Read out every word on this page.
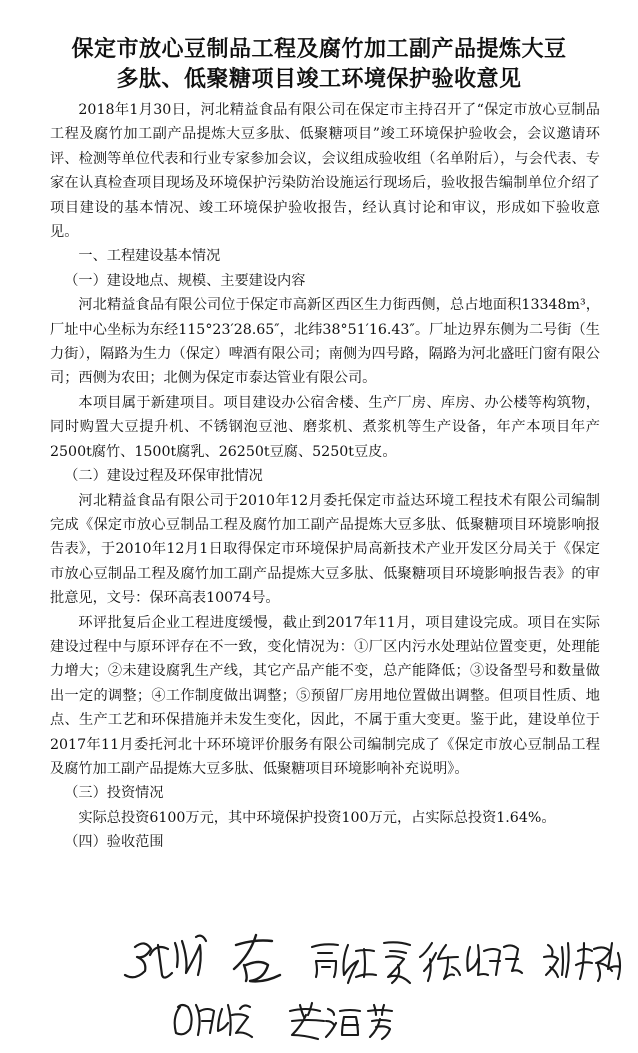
保定市放心豆制品工程及腐竹加工副产品提炼大豆
多肽、低聚糖项目竣工环境保护验收意见

2018年1月30日，河北精益食品有限公司在保定市主持召开了“保定市放心豆制品工程及腐竹加工副产品提炼大豆多肽、低聚糖项目”竣工环境保护验收会，会议邀请环评、检测等单位代表和行业专家参加会议，会议组成验收组（名单附后），与会代表、专家在认真检查项目现场及环境保护污染防治设施运行现场后，验收报告编制单位介绍了项目建设的基本情况、竣工环境保护验收报告，经认真讨论和审议，形成如下验收意见。

一、工程建设基本情况

（一）建设地点、规模、主要建设内容

河北精益食品有限公司位于保定市高新区西区生力街西侧，总占地面积13348m³，厂址中心坐标为东经115°23′28.65″，北纬38°51′16.43″。厂址边界东侧为二号街（生力街），隔路为生力（保定）啤酒有限公司；南侧为四号路，隔路为河北盛旺门窗有限公司；西侧为农田；北侧为保定市泰达管业有限公司。

本项目属于新建项目。项目建设办公宿舍楼、生产厂房、库房、办公楼等构筑物，同时购置大豆提升机、不锈钢泡豆池、磨浆机、煮浆机等生产设备，年产本项目年产2500t腐竹、1500t腐乳、26250t豆腐、5250t豆皮。

（二）建设过程及环保审批情况

河北精益食品有限公司于2010年12月委托保定市益达环境工程技术有限公司编制完成《保定市放心豆制品工程及腐竹加工副产品提炼大豆多肽、低聚糖项目环境影响报告表》，于2010年12月1日取得保定市环境保护局高新技术产业开发区分局关于《保定市放心豆制品工程及腐竹加工副产品提炼大豆多肽、低聚糖项目环境影响报告表》的审批意见，文号：保环高表10074号。

环评批复后企业工程进度缓慢，截止到2017年11月，项目建设完成。项目在实际建设过程中与原环评存在不一致，变化情况为：①厂区内污水处理站位置变更，处理能力增大；②未建设腐乳生产线，其它产品产能不变，总产能降低；③设备型号和数量做出一定的调整；④工作制度做出调整；⑤预留厂房用地位置做出调整。但项目性质、地点、生产工艺和环保措施并未发生变化，因此，不属于重大变更。鉴于此，建设单位于2017年11月委托河北十环环境评价服务有限公司编制完成了《保定市放心豆制品工程及腐竹加工副产品提炼大豆多肽、低聚糖项目环境影响补充说明》。

（三）投资情况

实际总投资6100万元，其中环境保护投资100万元，占实际总投资1.64%。

（四）验收范围
